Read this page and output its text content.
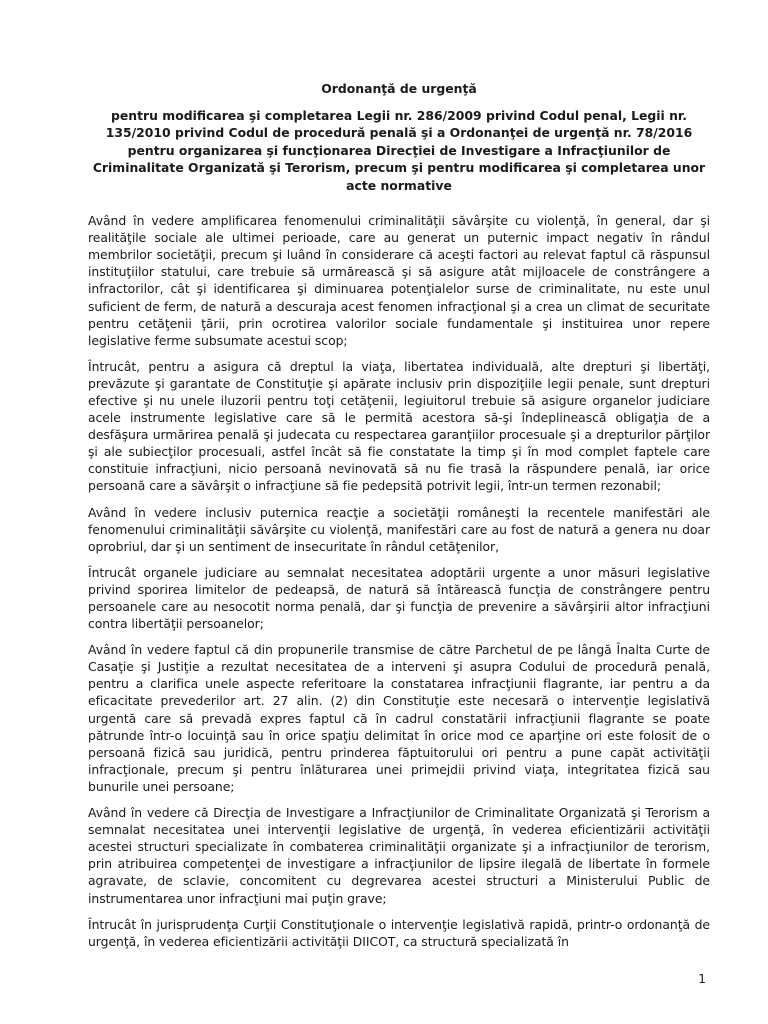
Ordonanţă de urgenţă
pentru modificarea şi completarea Legii nr. 286/2009 privind Codul penal, Legii nr. 135/2010 privind Codul de procedură penală şi a Ordonanţei de urgenţă nr. 78/2016 pentru organizarea şi funcţionarea Direcţiei de Investigare a Infracţiunilor de Criminalitate Organizată şi Terorism, precum şi pentru modificarea şi completarea unor acte normative

Având în vedere amplificarea fenomenului criminalităţii săvârşite cu violenţă, în general, dar şi realităţile sociale ale ultimei perioade, care au generat un puternic impact negativ în rândul membrilor societăţii, precum şi luând în considerare că aceşti factori au relevat faptul că răspunsul instituţiilor statului, care trebuie să urmărească şi să asigure atât mijloacele de constrângere a infractorilor, cât şi identificarea şi diminuarea potenţialelor surse de criminalitate, nu este unul suficient de ferm, de natură a descuraja acest fenomen infracţional şi a crea un climat de securitate pentru cetăţenii ţării, prin ocrotirea valorilor sociale fundamentale şi instituirea unor repere legislative ferme subsumate acestui scop;

Întrucât, pentru a asigura că dreptul la viaţa, libertatea individuală, alte drepturi şi libertăţi, prevăzute şi garantate de Constituţie şi apărate inclusiv prin dispoziţiile legii penale, sunt drepturi efective şi nu unele iluzorii pentru toţi cetăţenii, legiuitorul trebuie să asigure organelor judiciare acele instrumente legislative care să le permită acestora să-şi îndeplinească obligaţia de a desfăşura urmărirea penală şi judecata cu respectarea garanţiilor procesuale şi a drepturilor părţilor şi ale subiecţilor procesuali, astfel încât să fie constatate la timp şi în mod complet faptele care constituie infracţiuni, nicio persoană nevinovată să nu fie trasă la răspundere penală, iar orice persoană care a săvârşit o infracţiune să fie pedepsită potrivit legii, într-un termen rezonabil;

Având în vedere inclusiv puternica reacţie a societăţii româneşti la recentele manifestări ale fenomenului criminalităţii săvârşite cu violenţă, manifestări care au fost de natură a genera nu doar oprobriul, dar şi un sentiment de insecuritate în rândul cetăţenilor,

Întrucât organele judiciare au semnalat necesitatea adoptării urgente a unor măsuri legislative privind sporirea limitelor de pedeapsă, de natură să întărească funcţia de constrângere pentru persoanele care au nesocotit norma penală, dar şi funcţia de prevenire a săvârşirii altor infracţiuni contra libertăţii persoanelor;

Având în vedere faptul că din propunerile transmise de către Parchetul de pe lângă Înalta Curte de Casaţie şi Justiţie a rezultat necesitatea de a interveni şi asupra Codului de procedură penală, pentru a clarifica unele aspecte referitoare la constatarea infracţiunii flagrante, iar pentru a da eficacitate prevederilor art. 27 alin. (2) din Constituţie este necesară o intervenţie legislativă urgentă care să prevadă expres faptul că în cadrul constatării infracţiunii flagrante se poate pătrunde într-o locuinţă sau în orice spaţiu delimitat în orice mod ce aparţine ori este folosit de o persoană fizică sau juridică, pentru prinderea făptuitorului ori pentru a pune capăt activităţii infracţionale, precum şi pentru înlăturarea unei primejdii privind viaţa, integritatea fizică sau bunurile unei persoane;

Având în vedere că Direcţia de Investigare a Infracţiunilor de Criminalitate Organizată şi Terorism a semnalat necesitatea unei intervenţii legislative de urgenţă, în vederea eficientizării activităţii acestei structuri specializate în combaterea criminalităţii organizate şi a infracţiunilor de terorism, prin atribuirea competenţei de investigare a infracţiunilor de lipsire ilegală de libertate în formele agravate, de sclavie, concomitent cu degrevarea acestei structuri a Ministerului Public de instrumentarea unor infracţiuni mai puţin grave;

Întrucât în jurisprudenţa Curţii Constituţionale o intervenţie legislativă rapidă, printr-o ordonanţă de urgenţă, în vederea eficientizării activităţii DIICOT, ca structură specializată în

1
